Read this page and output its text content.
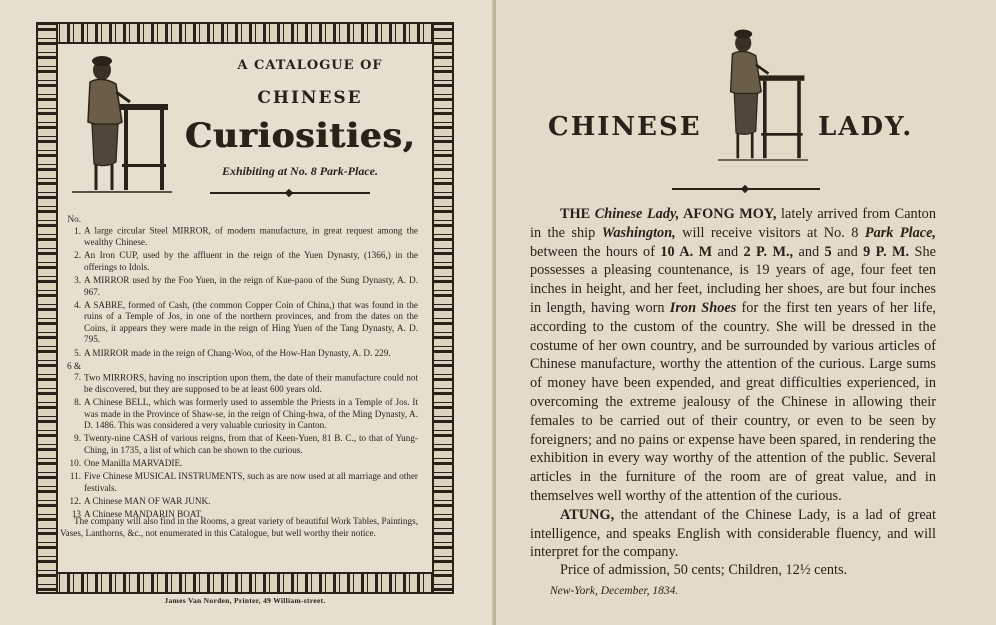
A CATALOGUE OF
CHINESE
Curiosities,
Exhibiting at No. 8 Park-Place.
No. 1. A large circular Steel MIRROR, of modern manufacture, in great request among the wealthy Chinese.
2. An Iron CUP, used by the affluent in the reign of the Yuen Dynasty, (1366,) in the offerings to Idols.
3. A MIRROR used by the Foo Yuen, in the reign of Kue-paou of the Sung Dynasty, A. D. 967.
4. A SABRE, formed of Cash, (the common Copper Coin of China,) that was found in the ruins of a Temple of Jos, in one of the northern provinces, and from the dates on the Coins, it appears they were made in the reign of Hing Yuen of the Tang Dynasty, A. D. 795.
5. A MIRROR made in the reign of Chang-Woo, of the How-Han Dynasty, A. D. 229.
6 & 7. Two MIRRORS, having no inscription upon them, the date of their manufacture could not be discovered, but they are supposed to be at least 600 years old.
8. A Chinese BELL, which was formerly used to assemble the Priests in a Temple of Jos. It was made in the Province of Shaw-se, in the reign of Ching-hwa, of the Ming Dynasty, A. D. 1486. This was considered a very valuable curiosity in Canton.
9. Twenty-nine CASH of various reigns, from that of Keen-Yuen, 81 B. C., to that of Yung-Ching, in 1735, a list of which can be shown to the curious.
10. One Manilla MARVADIE.
11. Five Chinese MUSICAL INSTRUMENTS, such as are now used at all marriage and other festivals.
12. A Chinese MAN OF WAR JUNK.
13 A Chinese MANDARIN BOAT.
The company will also find in the Rooms, a great variety of beautiful Work Tables, Paintings, Vases, Lanthorns, &c., not enumerated in this Catalogue, but well worthy their notice.
James Van Norden, Printer, 49 William-street.
CHINESE	LADY.

THE Chinese Lady, AFONG MOY, lately arrived from Canton in the ship Washington, will receive visitors at No. 8 Park Place, between the hours of 10 A. M and 2 P. M., and 5 and 9 P. M. She possesses a pleasing countenance, is 19 years of age, four feet ten inches in height, and her feet, including her shoes, are but four inches in length, having worn Iron Shoes for the first ten years of her life, according to the custom of the country. She will be dressed in the costume of her own country, and be surrounded by various articles of Chinese manufacture, worthy the attention of the curious. Large sums of money have been expended, and great difficulties experienced, in overcoming the extreme jealousy of the Chinese in allowing their females to be carried out of their country, or even to be seen by foreigners; and no pains or expense have been spared, in rendering the exhibition in every way worthy of the attention of the public. Several articles in the furniture of the room are of great value, and in themselves well worthy of the attention of the curious.

ATUNG, the attendant of the Chinese Lady, is a lad of great intelligence, and speaks English with considerable fluency, and will interpret for the company.

Price of admission, 50 cents; Children, 12½ cents.
New-York, December, 1834.
